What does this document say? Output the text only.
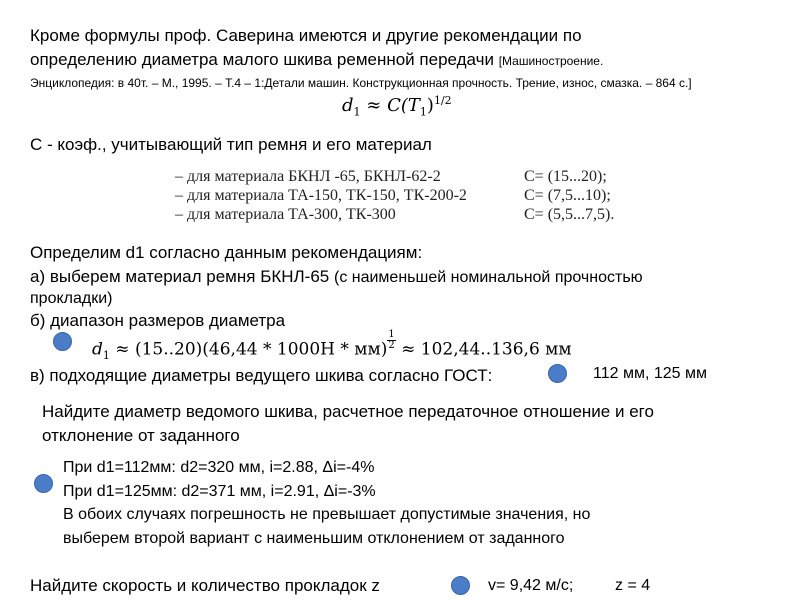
Кроме формулы проф. Саверина имеются и другие рекомендации по
определению диаметра малого шкива ременной передачи [Машиностроение.
Энциклопедия: в 40т. – М., 1995. – Т.4 – 1:Детали машин. Конструкционная прочность. Трение, износ, смазка. – 864 с.]
$d_1 \approx C(T_1)^{1/2}$
С - коэф., учитывающий тип ремня и его материал
– для материала БКНЛ -65, БКНЛ-62-2	C= (15...20);
– для материала ТА-150, ТК-150, ТК-200-2	C= (7,5...10);
– для материала ТА-300, ТК-300	C= (5,5...7,5).
Определим d1 согласно данным рекомендациям:
а) выберем материал ремня БКНЛ-65 (с наименьшей номинальной прочностью
прокладки)
б) диапазон размеров диаметра
$d_1 \approx (15..20)(46,44 * 1000Н * мм) \frac{1}{2} \approx 102,44..136,6$ мм
в) подходящие диаметры ведущего шкива согласно ГОСТ:	112 мм, 125 мм
Найдите диаметр ведомого шкива, расчетное передаточное отношение и его
отклонение от заданного
При d1=112мм: d2=320 мм, i=2.88, Δi=-4%
При d1=125мм: d2=371 мм, i=2.91, Δi=-3%
В обоих случаях погрешность не превышает допустимые значения, но
выберем второй вариант с наименьшим отклонением от заданного
Найдите скорость и количество прокладок z	v= 9,42 м/с;	z = 4
